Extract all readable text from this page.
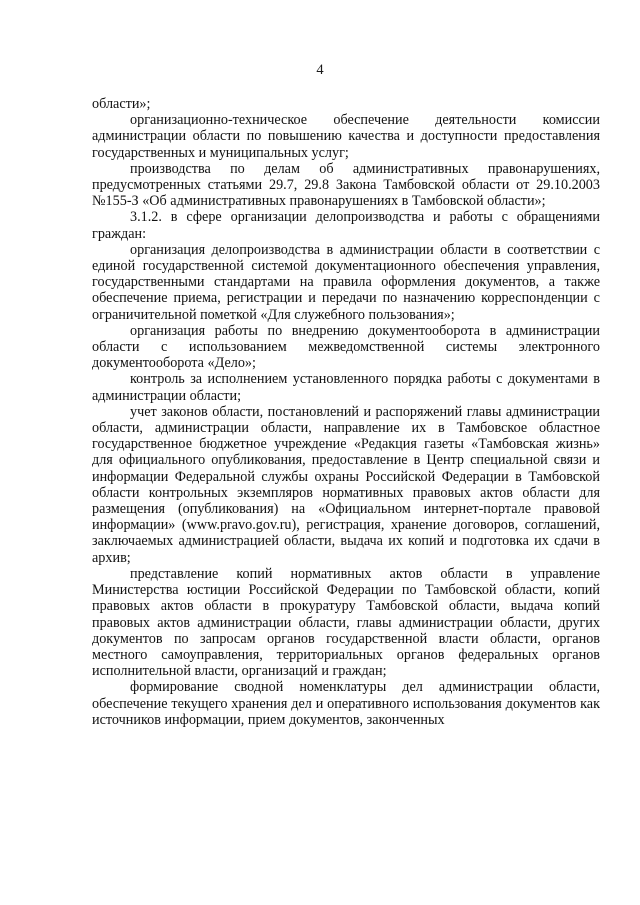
4

области»;

организационно-техническое обеспечение деятельности комиссии администрации области по повышению качества и доступности предоставления государственных и муниципальных услуг;

производства по делам об административных правонарушениях, предусмотренных статьями 29.7, 29.8 Закона Тамбовской области от 29.10.2003 №155-З «Об административных правонарушениях в Тамбовской области»;

3.1.2. в сфере организации делопроизводства и работы с обращениями граждан:

организация делопроизводства в администрации области в соответствии с единой государственной системой документационного обеспечения управления, государственными стандартами на правила оформления документов, а также обеспечение приема, регистрации и передачи по назначению корреспонденции с ограничительной пометкой «Для служебного пользования»;

организация работы по внедрению документооборота в администрации области с использованием межведомственной системы электронного документооборота «Дело»;

контроль за исполнением установленного порядка работы с документами в администрации области;

учет законов области, постановлений и распоряжений главы администрации области, администрации области, направление их в Тамбовское областное государственное бюджетное учреждение «Редакция газеты «Тамбовская жизнь» для официального опубликования, предоставление в Центр специальной связи и информации Федеральной службы охраны Российской Федерации в Тамбовской области контрольных экземпляров нормативных правовых актов области для размещения (опубликования) на «Официальном интернет-портале правовой информации» (www.pravo.gov.ru), регистрация, хранение договоров, соглашений, заключаемых администрацией области, выдача их копий и подготовка их сдачи в архив;

представление копий нормативных актов области в управление Министерства юстиции Российской Федерации по Тамбовской области, копий правовых актов области в прокуратуру Тамбовской области, выдача копий правовых актов администрации области, главы администрации области, других документов по запросам органов государственной власти области, органов местного самоуправления, территориальных органов федеральных органов исполнительной власти, организаций и граждан;

формирование сводной номенклатуры дел администрации области, обеспечение текущего хранения дел и оперативного использования документов как источников информации, прием документов, законченных
